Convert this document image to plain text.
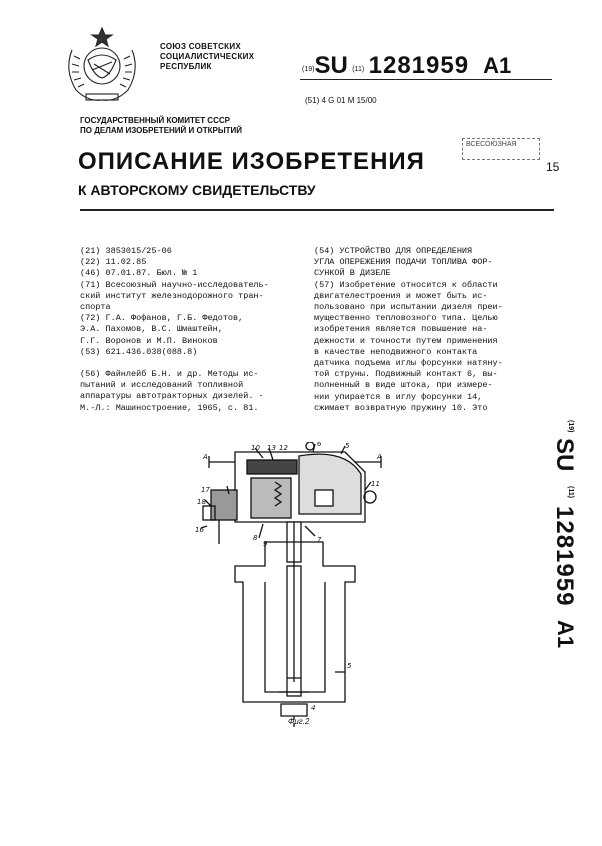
СОЮЗ СОВЕТСКИХ
СОЦИАЛИСТИЧЕСКИХ
РЕСПУБЛИК	(19)SU (11) 1281959 A1
(51) 4 G 01 M 15/00
ГОСУДАРСТВЕННЫЙ КОМИТЕТ СССР
ПО ДЕЛАМ ИЗОБРЕТЕНИЙ И ОТКРЫТИЙ
ВСЕСОЮЗНАЯ
15
ОПИСАНИЕ ИЗОБРЕТЕНИЯ
К АВТОРСКОМУ СВИДЕТЕЛЬСТВУ
(21) 3853015/25-06
(22) 11.02.85
(46) 07.01.87. Бюл. № 1
(71) Всесоюзный научно-исследователь-
ский институт железнодорожного тран-
спорта
(72) Г.А. Фофанов, Г.Б. Федотов,
Э.А. Пахомов, В.С. Шмаштейн,
Г.Г. Воронов и М.П. Виноков
(53) 621.436.038(088.8)
(56) Файнлейб Б.Н. и др. Методы ис-
пытаний и исследований топливной
аппаратуры автотракторных дизелей. -
М.-Л.: Машиностроение, 1965, с. 81.
(54) УСТРОЙСТВО ДЛЯ ОПРЕДЕЛЕНИЯ
УГЛА ОПЕРЕЖЕНИЯ ПОДАЧИ ТОПЛИВА ФОР-
СУНКОЙ В ДИЗЕЛЕ
(57) Изобретение относится к области
двигателестроения и может быть ис-
пользовано при испытании дизеля преи-
мущественно тепловозного типа. Целью
изобретения является повышение на-
дежности и точности путем применения
в качестве неподвижного контакта
датчика подъема иглы форсунки натяну-
той струны. Подвижный контакт 6, вы-
полненный в виде штока, при измере-
нии упирается в иглу форсунки 14,
сжимает возвратную пружину 10. Это
(19)
SU
(11)
1281959
A1
A	A
10 13 12	6	5
11
17
18
16
8
9	7
5
4
Фиг.2
